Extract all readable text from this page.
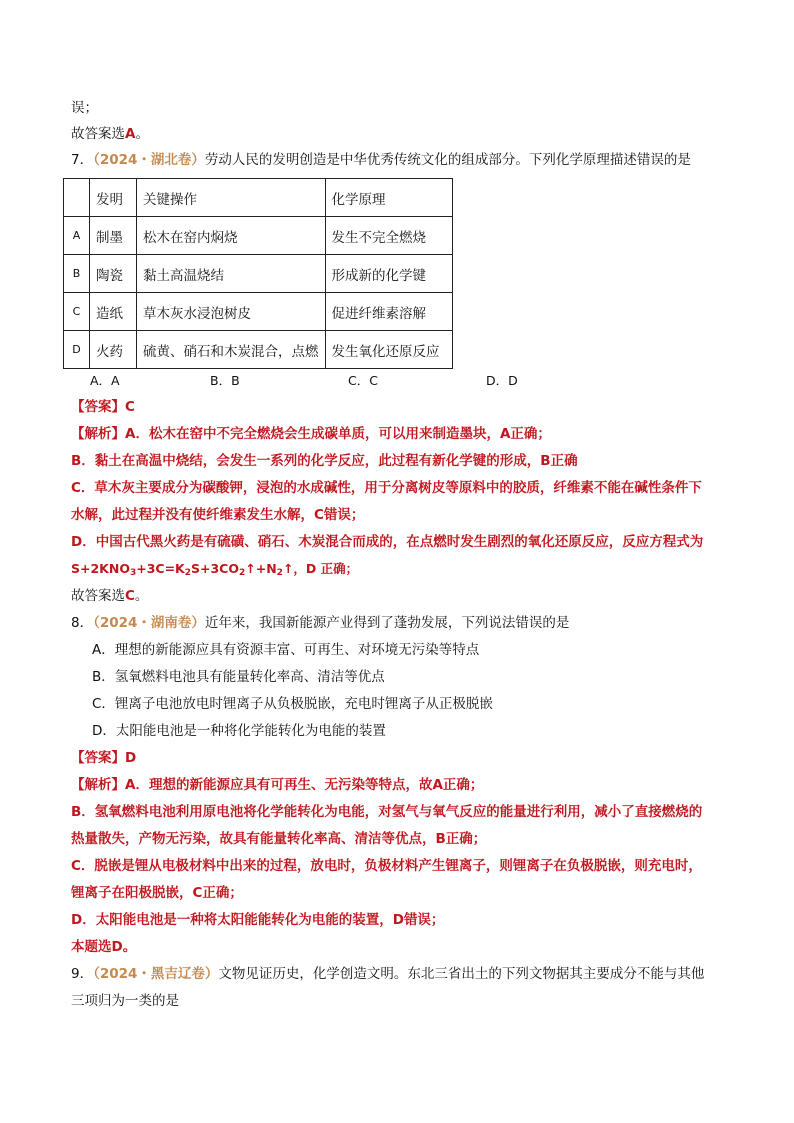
误；
故答案选A。
7．（2024・湖北卷）劳动人民的发明创造是中华优秀传统文化的组成部分。下列化学原理描述错误的是
	发明	关键操作	化学原理
A	制墨	松木在窑内焖烧	发生不完全燃烧
B	陶瓷	黏土高温烧结	形成新的化学键
C	造纸	草木灰水浸泡树皮	促进纤维素溶解
D	火药	硫黄、硝石和木炭混合，点燃	发生氧化还原反应
A．A	B．B	C．C	D．D
【答案】C
【解析】A．松木在窑中不完全燃烧会生成碳单质，可以用来制造墨块，A正确；
B．黏土在高温中烧结，会发生一系列的化学反应，此过程有新化学键的形成，B正确
C．草木灰主要成分为碳酸钾，浸泡的水成碱性，用于分离树皮等原料中的胶质，纤维素不能在碱性条件下
水解，此过程并没有使纤维素发生水解，C错误；
D．中国古代黑火药是有硫磺、硝石、木炭混合而成的，在点燃时发生剧烈的氧化还原反应，反应方程式为
$S+2KNO_3+3C=K_2S+3CO_2↑+N_2↑$，D 正确；
故答案选C。
8．（2024・湖南卷）近年来，我国新能源产业得到了蓬勃发展，下列说法错误的是
A．理想的新能源应具有资源丰富、可再生、对环境无污染等特点
B．氢氧燃料电池具有能量转化率高、清洁等优点
C．锂离子电池放电时锂离子从负极脱嵌，充电时锂离子从正极脱嵌
D．太阳能电池是一种将化学能转化为电能的装置
【答案】D
【解析】A．理想的新能源应具有可再生、无污染等特点，故A正确；
B．氢氧燃料电池利用原电池将化学能转化为电能，对氢气与氧气反应的能量进行利用，减小了直接燃烧的
热量散失，产物无污染，故具有能量转化率高、清洁等优点，B正确；
C．脱嵌是锂从电极材料中出来的过程，放电时，负极材料产生锂离子，则锂离子在负极脱嵌，则充电时，
锂离子在阳极脱嵌，C正确；
D．太阳能电池是一种将太阳能能转化为电能的装置，D错误；
本题选D。
9．（2024・黑吉辽卷）文物见证历史，化学创造文明。东北三省出土的下列文物据其主要成分不能与其他
三项归为一类的是
